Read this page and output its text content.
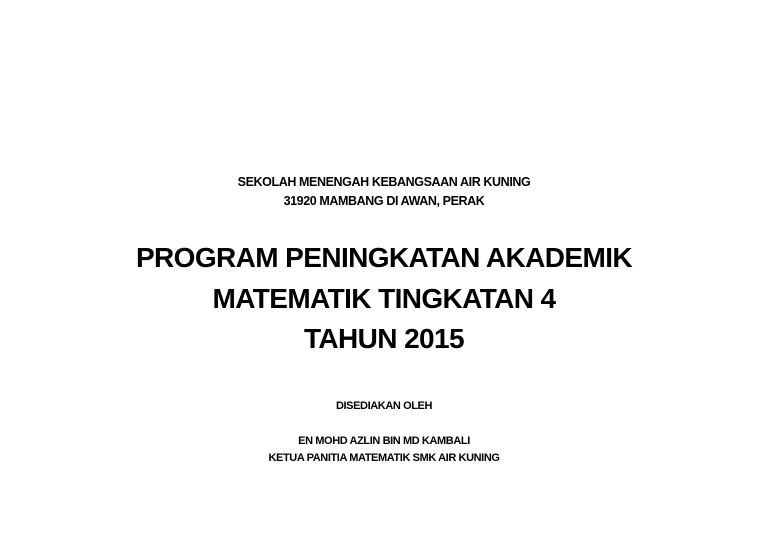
SEKOLAH MENENGAH KEBANGSAAN AIR KUNING
31920 MAMBANG DI AWAN, PERAK
PROGRAM PENINGKATAN AKADEMIK
MATEMATIK TINGKATAN 4
TAHUN 2015
DISEDIAKAN OLEH
EN MOHD AZLIN BIN MD KAMBALI
KETUA PANITIA MATEMATIK SMK AIR KUNING
